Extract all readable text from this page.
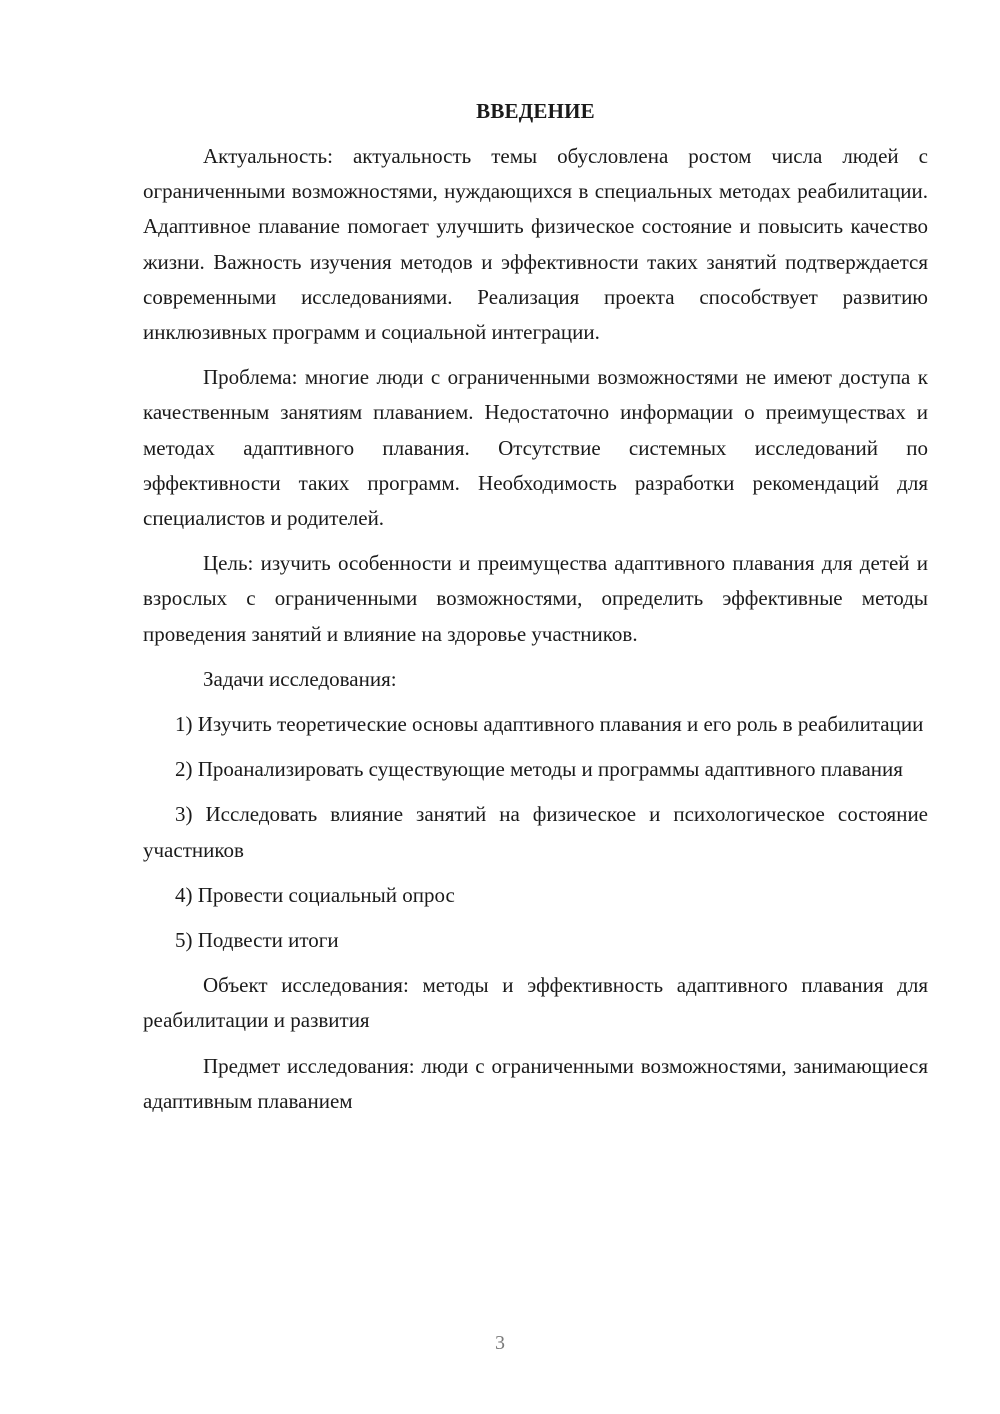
ВВЕДЕНИЕ

Актуальность: актуальность темы обусловлена ростом числа людей с ограниченными возможностями, нуждающихся в специальных методах реабилитации. Адаптивное плавание помогает улучшить физическое состояние и повысить качество жизни. Важность изучения методов и эффективности таких занятий подтверждается современными исследованиями. Реализация проекта способствует развитию инклюзивных программ и социальной интеграции.

Проблема: многие люди с ограниченными возможностями не имеют доступа к качественным занятиям плаванием. Недостаточно информации о преимуществах и методах адаптивного плавания. Отсутствие системных исследований по эффективности таких программ. Необходимость разработки рекомендаций для специалистов и родителей.

Цель: изучить особенности и преимущества адаптивного плавания для детей и взрослых с ограниченными возможностями, определить эффективные методы проведения занятий и влияние на здоровье участников.

Задачи исследования:

1) Изучить теоретические основы адаптивного плавания и его роль в реабилитации

2) Проанализировать существующие методы и программы адаптивного плавания

3) Исследовать влияние занятий на физическое и психологическое состояние участников

4) Провести социальный опрос

5) Подвести итоги

Объект исследования: методы и эффективность адаптивного плавания для реабилитации и развития

Предмет исследования: люди с ограниченными возможностями, занимающиеся адаптивным плаванием

3
